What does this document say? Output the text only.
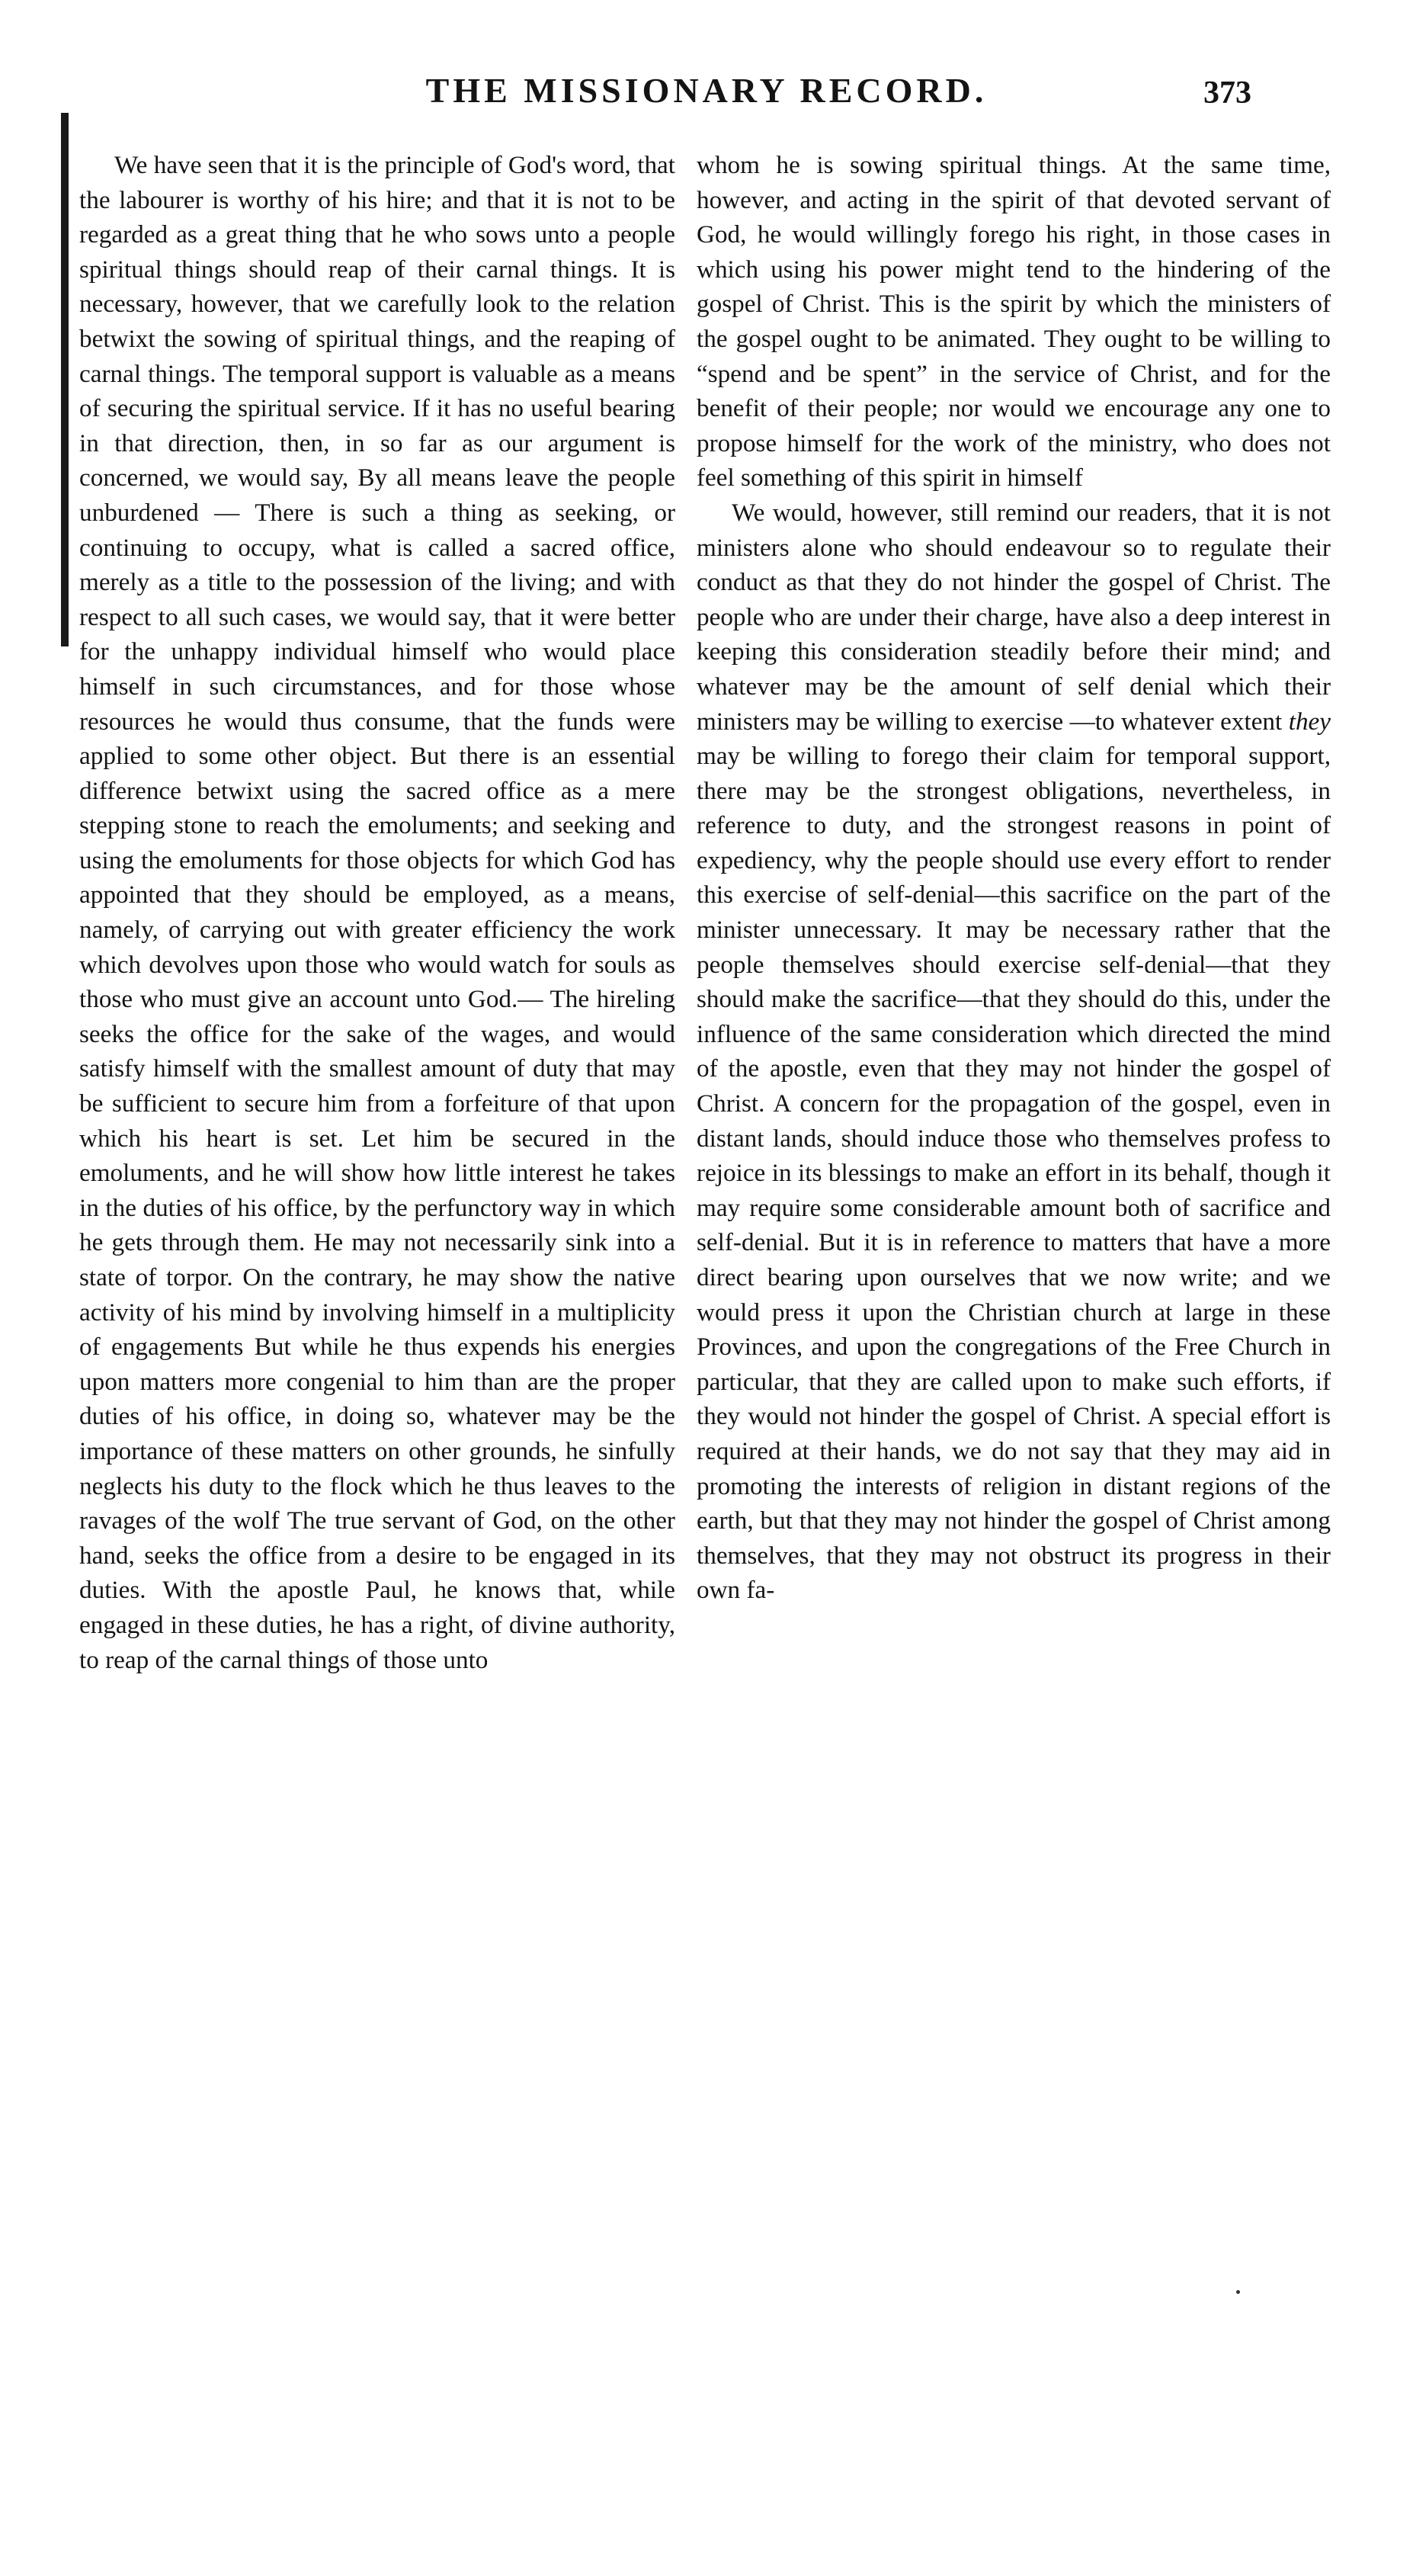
THE MISSIONARY RECORD.	373

We have seen that it is the principle of God's word, that the labourer is worthy of his hire; and that it is not to be regarded as a great thing that he who sows unto a people spiritual things should reap of their carnal things. It is necessary, however, that we carefully look to the relation betwixt the sowing of spiritual things, and the reaping of carnal things. The temporal support is valuable as a means of securing the spiritual service. If it has no useful bearing in that direction, then, in so far as our argument is concerned, we would say, By all means leave the people unburdened — There is such a thing as seeking, or continuing to occupy, what is called a sacred office, merely as a title to the possession of the living; and with respect to all such cases, we would say, that it were better for the unhappy individual himself who would place himself in such circumstances, and for those whose resources he would thus consume, that the funds were applied to some other object. But there is an essential difference betwixt using the sacred office as a mere stepping stone to reach the emoluments; and seeking and using the emoluments for those objects for which God has appointed that they should be employed, as a means, namely, of carrying out with greater efficiency the work which devolves upon those who would watch for souls as those who must give an account unto God.— The hireling seeks the office for the sake of the wages, and would satisfy himself with the smallest amount of duty that may be sufficient to secure him from a forfeiture of that upon which his heart is set. Let him be secured in the emoluments, and he will show how little interest he takes in the duties of his office, by the perfunctory way in which he gets through them. He may not necessarily sink into a state of torpor. On the contrary, he may show the native activity of his mind by involving himself in a multiplicity of engagements But while he thus expends his energies upon matters more congenial to him than are the proper duties of his office, in doing so, whatever may be the importance of these matters on other grounds, he sinfully neglects his duty to the flock which he thus leaves to the ravages of the wolf The true servant of God, on the other hand, seeks the office from a desire to be engaged in its duties. With the apostle Paul, he knows that, while engaged in these duties, he has a right, of divine authority, to reap of the carnal things of those unto

whom he is sowing spiritual things. At the same time, however, and acting in the spirit of that devoted servant of God, he would willingly forego his right, in those cases in which using his power might tend to the hindering of the gospel of Christ. This is the spirit by which the ministers of the gospel ought to be animated. They ought to be willing to “spend and be spent” in the service of Christ, and for the benefit of their people; nor would we encourage any one to propose himself for the work of the ministry, who does not feel something of this spirit in himself

We would, however, still remind our readers, that it is not ministers alone who should endeavour so to regulate their conduct as that they do not hinder the gospel of Christ. The people who are under their charge, have also a deep interest in keeping this consideration steadily before their mind; and whatever may be the amount of self denial which their ministers may be willing to exercise —to whatever extent they may be willing to forego their claim for temporal support, there may be the strongest obligations, nevertheless, in reference to duty, and the strongest reasons in point of expediency, why the people should use every effort to render this exercise of self-denial—this sacrifice on the part of the minister unnecessary. It may be necessary rather that the people themselves should exercise self-denial—that they should make the sacrifice—that they should do this, under the influence of the same consideration which directed the mind of the apostle, even that they may not hinder the gospel of Christ. A concern for the propagation of the gospel, even in distant lands, should induce those who themselves profess to rejoice in its blessings to make an effort in its behalf, though it may require some considerable amount both of sacrifice and self-denial. But it is in reference to matters that have a more direct bearing upon ourselves that we now write; and we would press it upon the Christian church at large in these Provinces, and upon the congregations of the Free Church in particular, that they are called upon to make such efforts, if they would not hinder the gospel of Christ. A special effort is required at their hands, we do not say that they may aid in promoting the interests of religion in distant regions of the earth, but that they may not hinder the gospel of Christ among themselves, that they may not obstruct its progress in their own fa-
